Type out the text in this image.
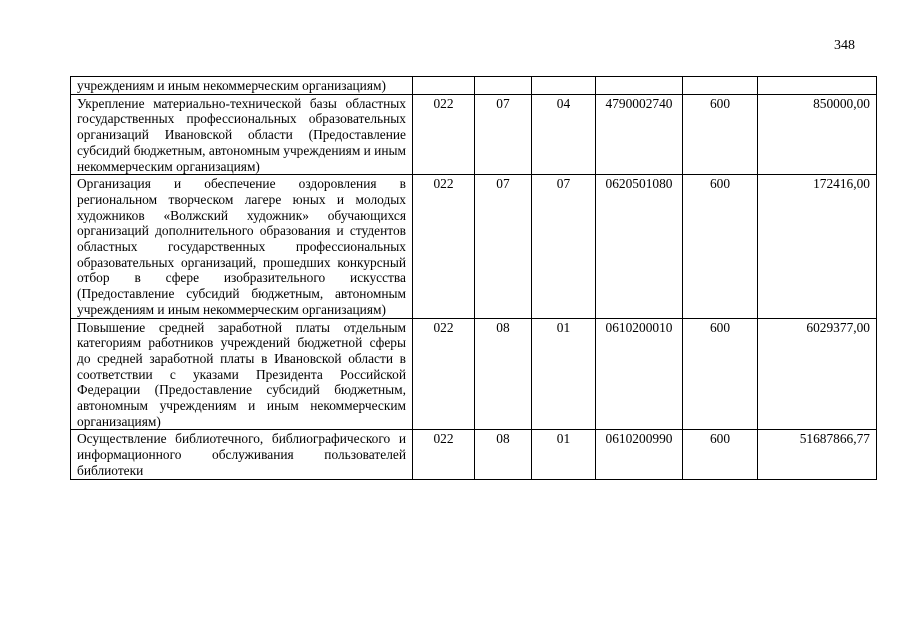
348
учреждениям и иным некоммерческим организациям)						
Укрепление материально-технической базы областных государственных профессиональных образовательных организаций Ивановской области (Предоставление субсидий бюджетным, автономным учреждениям и иным некоммерческим организациям)	022	07	04	4790002740	600	850000,00
Организация и обеспечение оздоровления в региональном творческом лагере юных и молодых художников «Волжский художник» обучающихся организаций дополнительного образования и студентов областных государственных профессиональных образовательных организаций, прошедших конкурсный отбор в сфере изобразительного искусства (Предоставление субсидий бюджетным, автономным учреждениям и иным некоммерческим организациям)	022	07	07	0620501080	600	172416,00
Повышение средней заработной платы отдельным категориям работников учреждений бюджетной сферы до средней заработной платы в Ивановской области в соответствии с указами Президента Российской Федерации (Предоставление субсидий бюджетным, автономным учреждениям и иным некоммерческим организациям)	022	08	01	0610200010	600	6029377,00
Осуществление библиотечного, библиографического и информационного обслуживания пользователей библиотеки	022	08	01	0610200990	600	51687866,77
